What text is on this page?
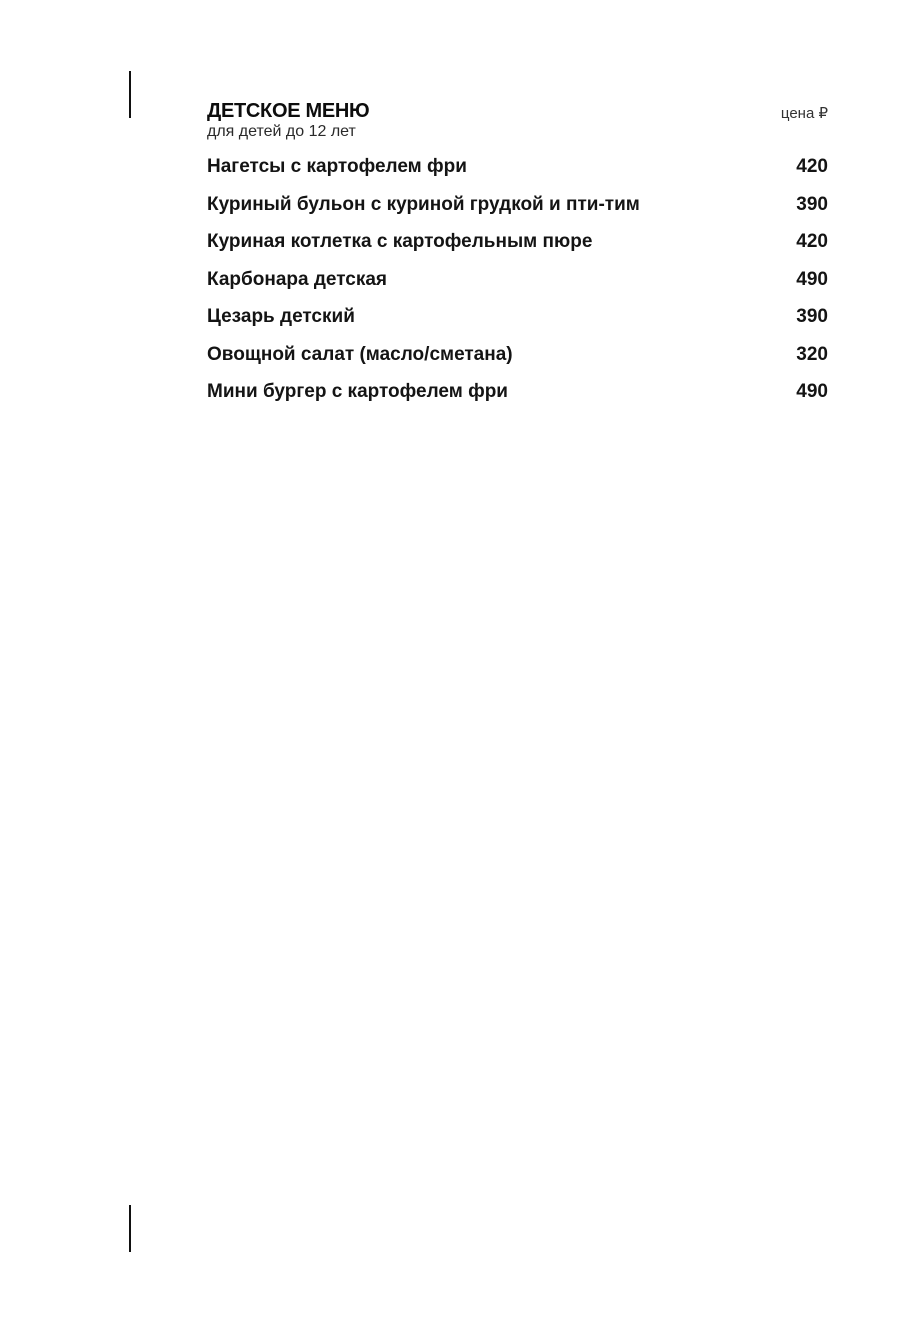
ДЕТСКОЕ МЕНЮ
для детей до 12 лет
цена ₽
Нагетсы с картофелем фри	420
Куриный бульон с куриной грудкой и пти-тим	390
Куриная котлетка с картофельным пюре	420
Карбонара детская	490
Цезарь детский	390
Овощной салат (масло/сметана)	320
Мини бургер с картофелем фри	490
